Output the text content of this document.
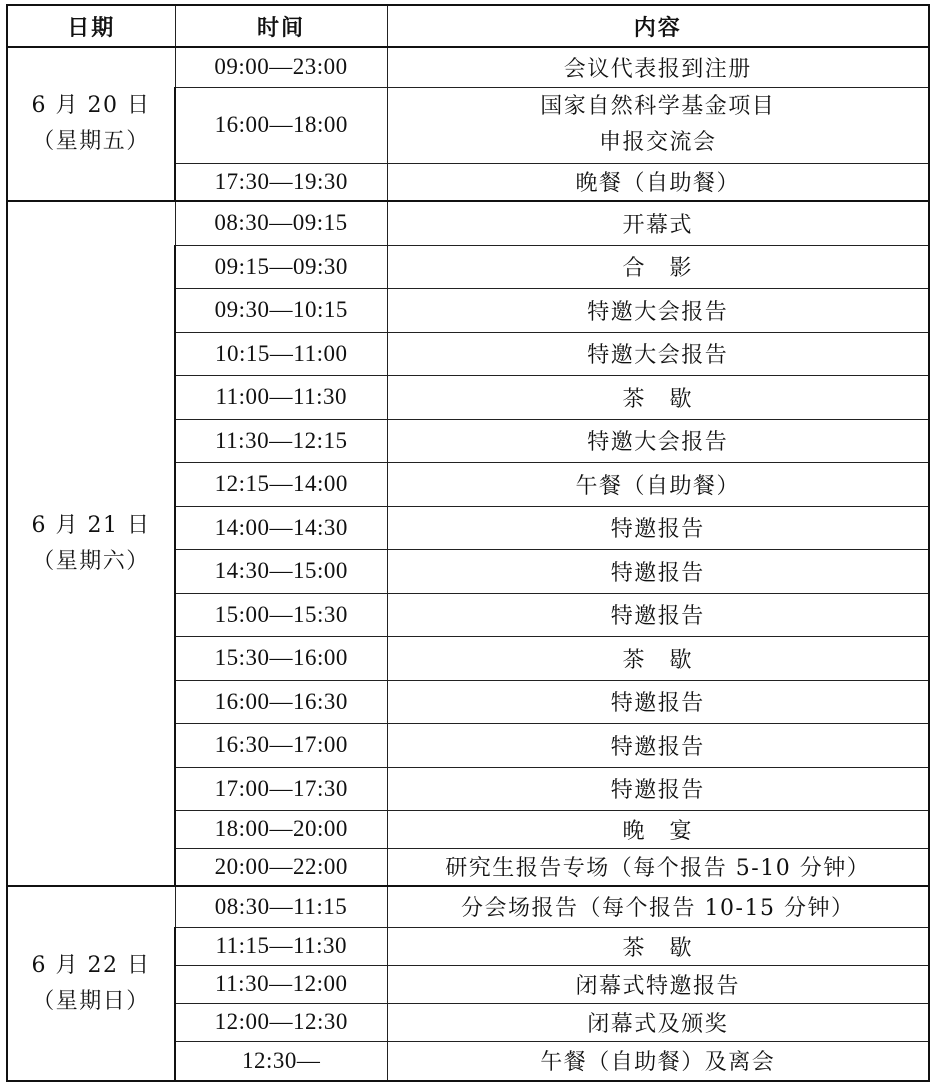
日期	时间	内容

6 月 20 日
（星期五）	09:00—23:00	会议代表报到注册
	16:00—18:00	国家自然科学基金项目申报交流会
	17:30—19:30	晚餐（自助餐）

6 月 21 日
（星期六）	08:30—09:15	开幕式
	09:15—09:30	合　影
	09:30—10:15	特邀大会报告
	10:15—11:00	特邀大会报告
	11:00—11:30	茶　歇
	11:30—12:15	特邀大会报告
	12:15—14:00	午餐（自助餐）
	14:00—14:30	特邀报告
	14:30—15:00	特邀报告
	15:00—15:30	特邀报告
	15:30—16:00	茶　歇
	16:00—16:30	特邀报告
	16:30—17:00	特邀报告
	17:00—17:30	特邀报告
	18:00—20:00	晚　宴
	20:00—22:00	研究生报告专场（每个报告 5-10 分钟）

6 月 22 日
（星期日）	08:30—11:15	分会场报告（每个报告 10-15 分钟）
	11:15—11:30	茶　歇
	11:30—12:00	闭幕式特邀报告
	12:00—12:30	闭幕式及颁奖
	12:30—	午餐（自助餐）及离会
